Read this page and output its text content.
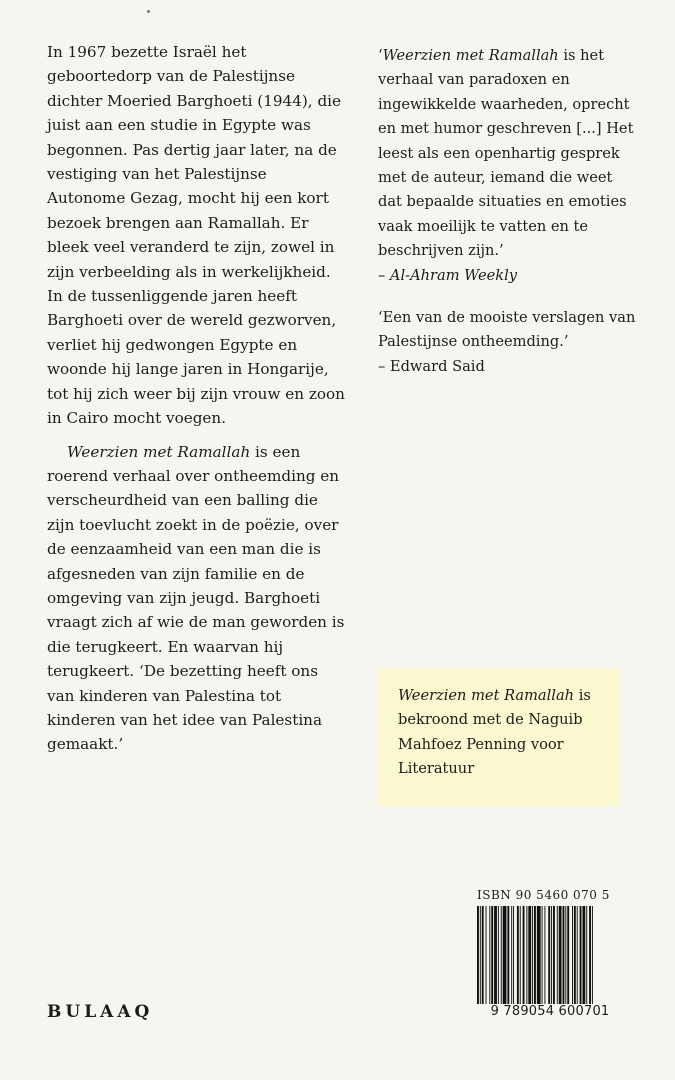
In 1967 bezette Israël het geboortedorp van de Palestijnse dichter Moeried Barghoeti (1944), die juist aan een studie in Egypte was begonnen. Pas dertig jaar later, na de vestiging van het Palestijnse Autonome Gezag, mocht hij een kort bezoek brengen aan Ramallah. Er bleek veel veranderd te zijn, zowel in zijn verbeelding als in werkelijkheid. In de tussenliggende jaren heeft Barghoeti over de wereld gezworven, verliet hij gedwongen Egypte en woonde hij lange jaren in Hongarije, tot hij zich weer bij zijn vrouw en zoon in Cairo mocht voegen.

Weerzien met Ramallah is een roerend verhaal over ontheemding en verscheurdheid van een balling die zijn toevlucht zoekt in de poëzie, over de eenzaamheid van een man die is afgesneden van zijn familie en de omgeving van zijn jeugd. Barghoeti vraagt zich af wie de man geworden is die terugkeert. En waarvan hij terugkeert. ‘De bezetting heeft ons van kinderen van Palestina tot kinderen van het idee van Palestina gemaakt.’

‘Weerzien met Ramallah is het verhaal van paradoxen en ingewikkelde waarheden, oprecht en met humor geschreven [...] Het leest als een openhartig gesprek met de auteur, iemand die weet dat bepaalde situaties en emoties vaak moeilijk te vatten en te beschrijven zijn.’

– Al-Ahram Weekly

‘Een van de mooiste verslagen van Palestijnse ontheemding.’

– Edward Said

Weerzien met Ramallah is bekroond met de Naguib Mahfoez Penning voor Literatuur
ISBN 90 5460 070 5
9 789054 600701
BULAAQ
